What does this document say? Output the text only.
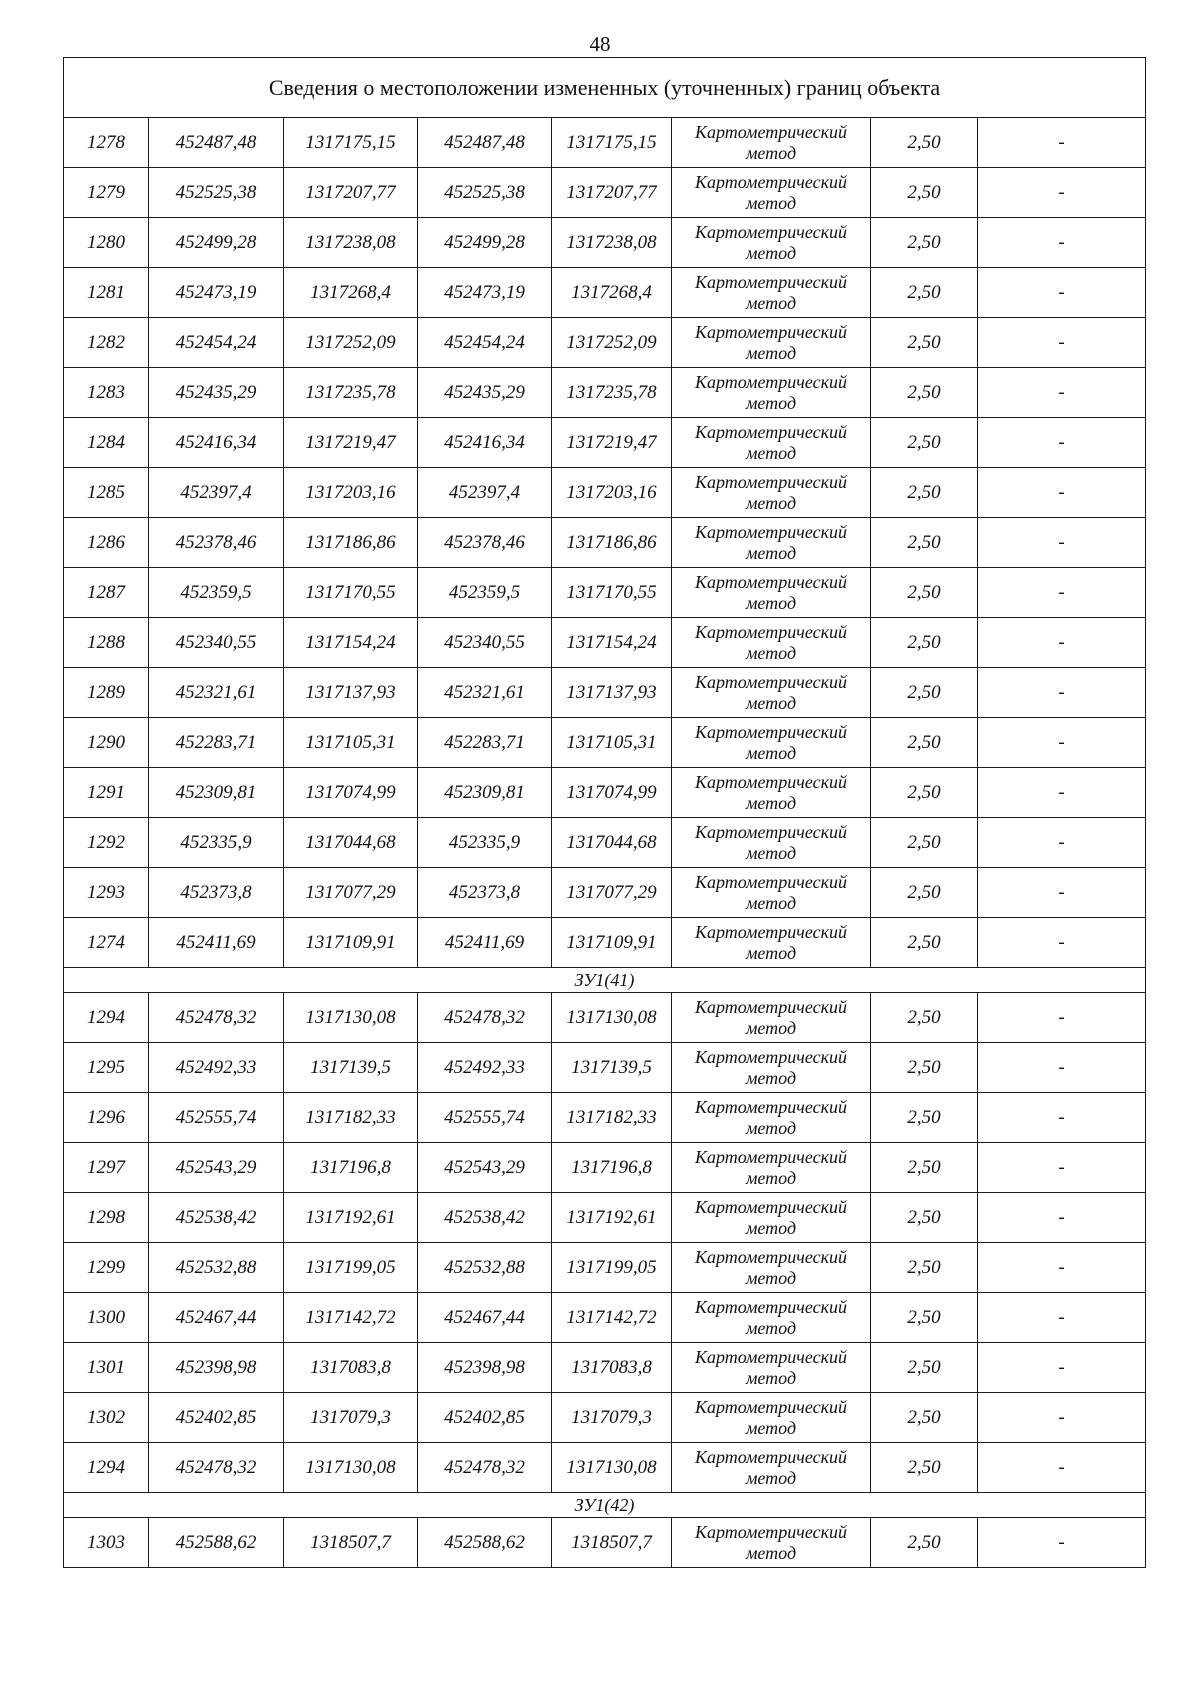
48
Сведения о местоположении измененных (уточненных) границ объекта							
1278	452487,48	1317175,15	452487,48	1317175,15	Картометрический
метод	2,50	-
1279	452525,38	1317207,77	452525,38	1317207,77	Картометрический
метод	2,50	-
1280	452499,28	1317238,08	452499,28	1317238,08	Картометрический
метод	2,50	-
1281	452473,19	1317268,4	452473,19	1317268,4	Картометрический
метод	2,50	-
1282	452454,24	1317252,09	452454,24	1317252,09	Картометрический
метод	2,50	-
1283	452435,29	1317235,78	452435,29	1317235,78	Картометрический
метод	2,50	-
1284	452416,34	1317219,47	452416,34	1317219,47	Картометрический
метод	2,50	-
1285	452397,4	1317203,16	452397,4	1317203,16	Картометрический
метод	2,50	-
1286	452378,46	1317186,86	452378,46	1317186,86	Картометрический
метод	2,50	-
1287	452359,5	1317170,55	452359,5	1317170,55	Картометрический
метод	2,50	-
1288	452340,55	1317154,24	452340,55	1317154,24	Картометрический
метод	2,50	-
1289	452321,61	1317137,93	452321,61	1317137,93	Картометрический
метод	2,50	-
1290	452283,71	1317105,31	452283,71	1317105,31	Картометрический
метод	2,50	-
1291	452309,81	1317074,99	452309,81	1317074,99	Картометрический
метод	2,50	-
1292	452335,9	1317044,68	452335,9	1317044,68	Картометрический
метод	2,50	-
1293	452373,8	1317077,29	452373,8	1317077,29	Картометрический
метод	2,50	-
1274	452411,69	1317109,91	452411,69	1317109,91	Картометрический
метод	2,50	-
ЗУ1(41)							
1294	452478,32	1317130,08	452478,32	1317130,08	Картометрический
метод	2,50	-
1295	452492,33	1317139,5	452492,33	1317139,5	Картометрический
метод	2,50	-
1296	452555,74	1317182,33	452555,74	1317182,33	Картометрический
метод	2,50	-
1297	452543,29	1317196,8	452543,29	1317196,8	Картометрический
метод	2,50	-
1298	452538,42	1317192,61	452538,42	1317192,61	Картометрический
метод	2,50	-
1299	452532,88	1317199,05	452532,88	1317199,05	Картометрический
метод	2,50	-
1300	452467,44	1317142,72	452467,44	1317142,72	Картометрический
метод	2,50	-
1301	452398,98	1317083,8	452398,98	1317083,8	Картометрический
метод	2,50	-
1302	452402,85	1317079,3	452402,85	1317079,3	Картометрический
метод	2,50	-
1294	452478,32	1317130,08	452478,32	1317130,08	Картометрический
метод	2,50	-
ЗУ1(42)							
1303	452588,62	1318507,7	452588,62	1318507,7	Картометрический
метод	2,50	-
